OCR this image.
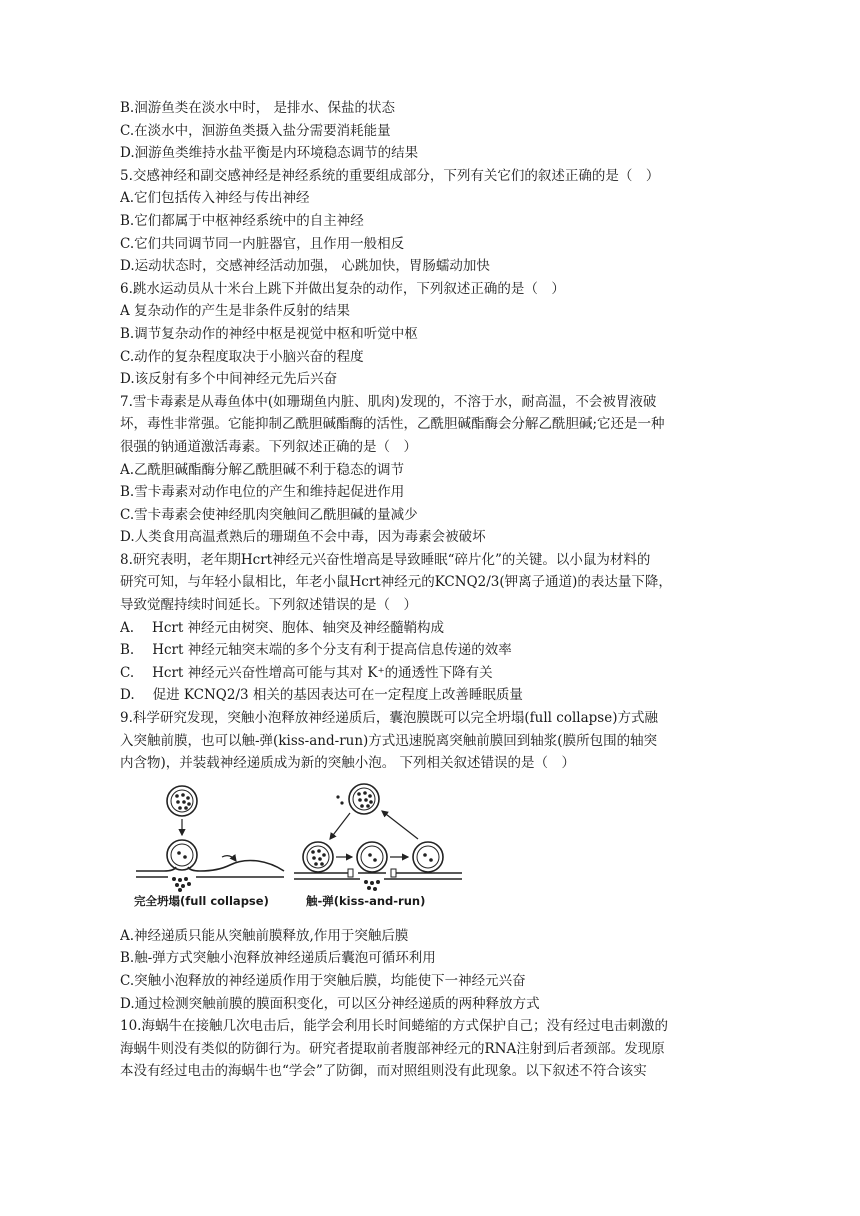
B.洄游鱼类在淡水中时， 是排水、保盐的状态
C.在淡水中，洄游鱼类摄入盐分需要消耗能量
D.洄游鱼类维持水盐平衡是内环境稳态调节的结果
5.交感神经和副交感神经是神经系统的重要组成部分，下列有关它们的叙述正确的是（　）
A.它们包括传入神经与传出神经
B.它们都属于中枢神经系统中的自主神经
C.它们共同调节同一内脏器官，且作用一般相反
D.运动状态时，交感神经活动加强， 心跳加快，胃肠蠕动加快
6.跳水运动员从十米台上跳下并做出复杂的动作，下列叙述正确的是（　）
A 复杂动作的产生是非条件反射的结果
B.调节复杂动作的神经中枢是视觉中枢和听觉中枢
C.动作的复杂程度取决于小脑兴奋的程度
D.该反射有多个中间神经元先后兴奋
7.雪卡毒素是从毒鱼体中(如珊瑚鱼内脏、肌肉)发现的，不溶于水，耐高温，不会被胃液破
坏，毒性非常强。它能抑制乙酰胆碱酯酶的活性，乙酰胆碱酯酶会分解乙酰胆碱;它还是一种
很强的钠通道激活毒素。下列叙述正确的是（　）
A.乙酰胆碱酯酶分解乙酰胆碱不利于稳态的调节
B.雪卡毒素对动作电位的产生和维持起促进作用
C.雪卡毒素会使神经肌肉突触间乙酰胆碱的量减少
D.人类食用高温煮熟后的珊瑚鱼不会中毒，因为毒素会被破坏
8.研究表明，老年期Hcrt神经元兴奋性增高是导致睡眠“碎片化”的关键。以小鼠为材料的
研究可知，与年轻小鼠相比，年老小鼠Hcrt神经元的KCNQ2/3(钾离子通道)的表达量下降，
导致觉醒持续时间延长。下列叙述错误的是（　）
A. Hcrt 神经元由树突、胞体、轴突及神经髓鞘构成
B. Hcrt 神经元轴突末端的多个分支有利于提高信息传递的效率
C. Hcrt 神经元兴奋性增高可能与其对 K⁺的通透性下降有关
D. 促进 KCNQ2/3 相关的基因表达可在一定程度上改善睡眠质量
9.科学研究发现，突触小泡释放神经递质后，囊泡膜既可以完全坍塌(full collapse)方式融
入突触前膜，也可以触-弹(kiss-and-run)方式迅速脱离突触前膜回到轴浆(膜所包围的轴突
内含物)，并装载神经递质成为新的突触小泡。 下列相关叙述错误的是（　）
完全坍塌(full collapse)	触-弹(kiss-and-run)
A.神经递质只能从突触前膜释放,作用于突触后膜
B.触-弹方式突触小泡释放神经递质后囊泡可循环利用
C.突触小泡释放的神经递质作用于突触后膜，均能使下一神经元兴奋
D.通过检测突触前膜的膜面积变化，可以区分神经递质的两种释放方式
10.海蜗牛在接触几次电击后，能学会利用长时间蜷缩的方式保护自己；没有经过电击刺激的
海蜗牛则没有类似的防御行为。研究者提取前者腹部神经元的RNA注射到后者颈部。发现原
本没有经过电击的海蜗牛也“学会”了防御，而对照组则没有此现象。以下叙述不符合该实
